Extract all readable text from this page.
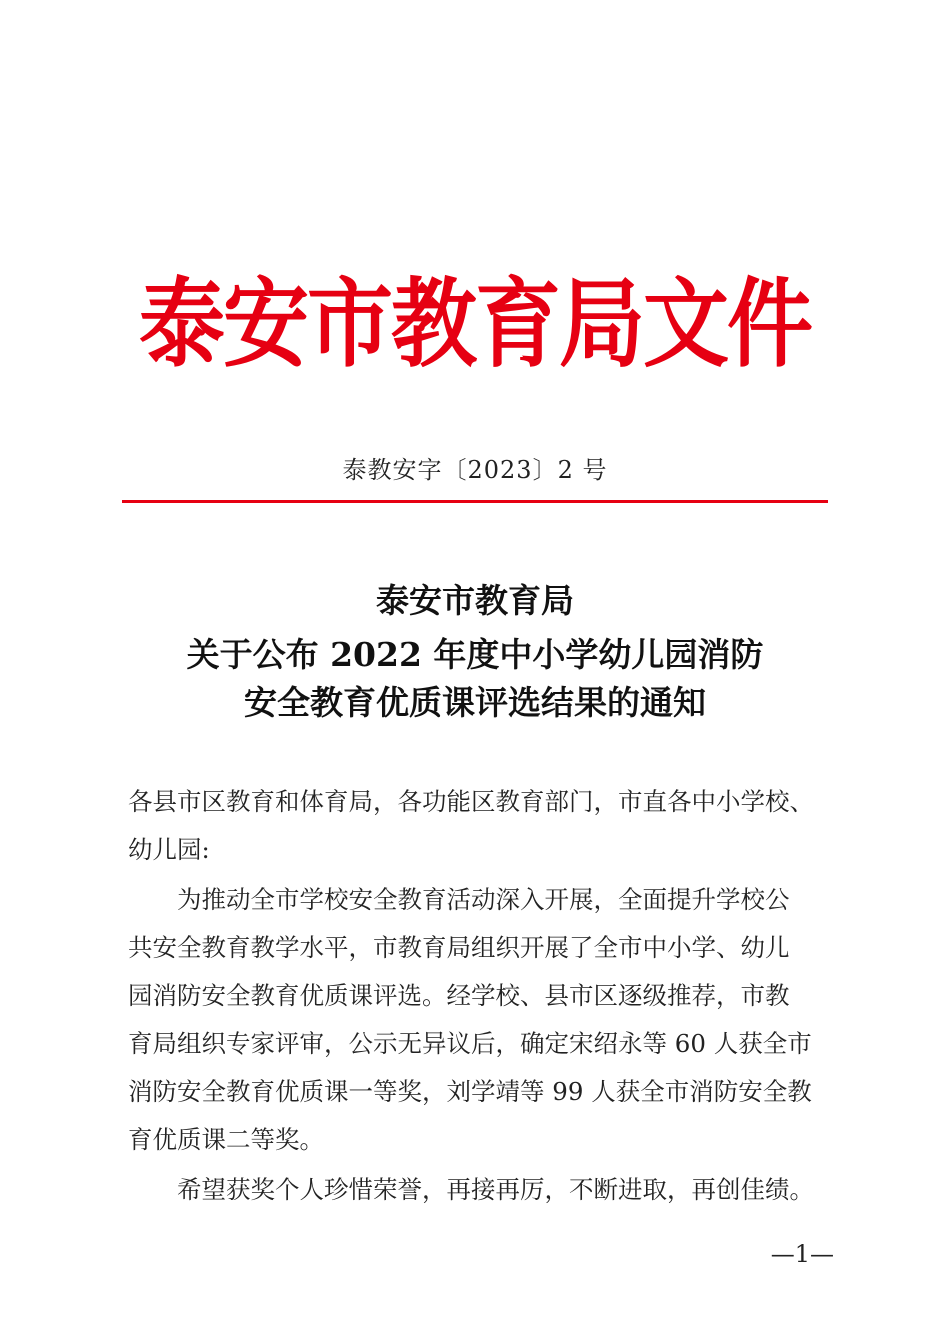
泰安市教育局文件
泰教安字〔2023〕2 号
泰安市教育局
关于公布 2022 年度中小学幼儿园消防
安全教育优质课评选结果的通知
各县市区教育和体育局，各功能区教育部门，市直各中小学校、
幼儿园:
为推动全市学校安全教育活动深入开展，全面提升学校公
共安全教育教学水平，市教育局组织开展了全市中小学、幼儿
园消防安全教育优质课评选。经学校、县市区逐级推荐，市教
育局组织专家评审，公示无异议后，确定宋绍永等 60 人获全市
消防安全教育优质课一等奖，刘学靖等 99 人获全市消防安全教
育优质课二等奖。
希望获奖个人珍惜荣誉，再接再厉，不断进取，再创佳绩。
—1—
